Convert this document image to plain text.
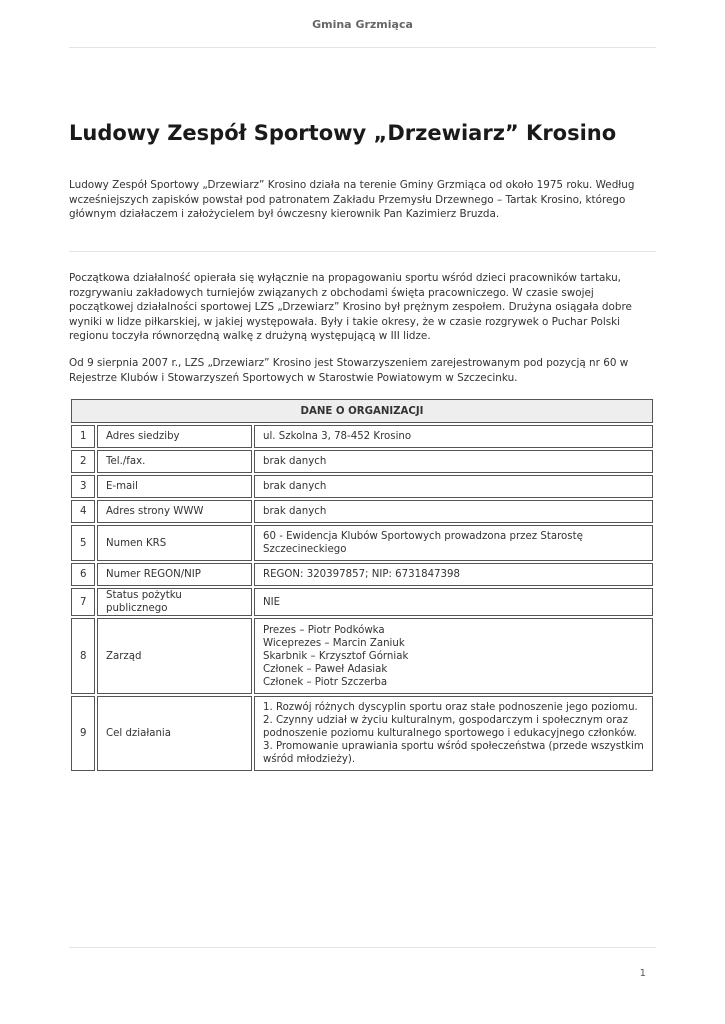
Gmina Grzmiąca
Ludowy Zespół Sportowy „Drzewiarz” Krosino

Ludowy Zespół Sportowy „Drzewiarz” Krosino działa na terenie Gminy Grzmiąca od około 1975 roku. Według wcześniejszych zapisków powstał pod patronatem Zakładu Przemysłu Drzewnego – Tartak Krosino, którego głównym działaczem i założycielem był ówczesny kierownik Pan Kazimierz Bruzda.

Początkowa działalność opierała się wyłącznie na propagowaniu sportu wśród dzieci pracowników tartaku, rozgrywaniu zakładowych turniejów związanych z obchodami święta pracowniczego. W czasie swojej początkowej działalności sportowej LZS „Drzewiarz” Krosino był prężnym zespołem. Drużyna osiągała dobre wyniki w lidze piłkarskiej, w jakiej występowała. Były i takie okresy, że w czasie rozgrywek o Puchar Polski regionu toczyła równorzędną walkę z drużyną występującą w III lidze.

Od 9 sierpnia 2007 r., LZS „Drzewiarz” Krosino jest Stowarzyszeniem zarejestrowanym pod pozycją nr 60 w Rejestrze Klubów i Stowarzyszeń Sportowych w Starostwie Powiatowym w Szczecinku.

DANE O ORGANIZACJI		
1	Adres siedziby	ul. Szkolna 3, 78-452 Krosino
2	Tel./fax.	brak danych
3	E-mail	brak danych
4	Adres strony WWW	brak danych
5	Numen KRS	60 - Ewidencja Klubów Sportowych prowadzona przez Starostę Szczecineckiego
6	Numer REGON/NIP	REGON: 320397857; NIP: 6731847398
7	Status pożytku publicznego	NIE
8	Zarząd	Prezes – Piotr Podkówka
Wiceprezes – Marcin Zaniuk
Skarbnik – Krzysztof Górniak
Członek – Paweł Adasiak
Członek – Piotr Szczerba
9	Cel działania	1. Rozwój różnych dyscyplin sportu oraz stałe podnoszenie jego poziomu.
2. Czynny udział w życiu kulturalnym, gospodarczym i społecznym oraz podnoszenie poziomu kulturalnego sportowego i edukacyjnego członków.
3. Promowanie uprawiania sportu wśród społeczeństwa (przede wszystkim wśród młodzieży).
1
